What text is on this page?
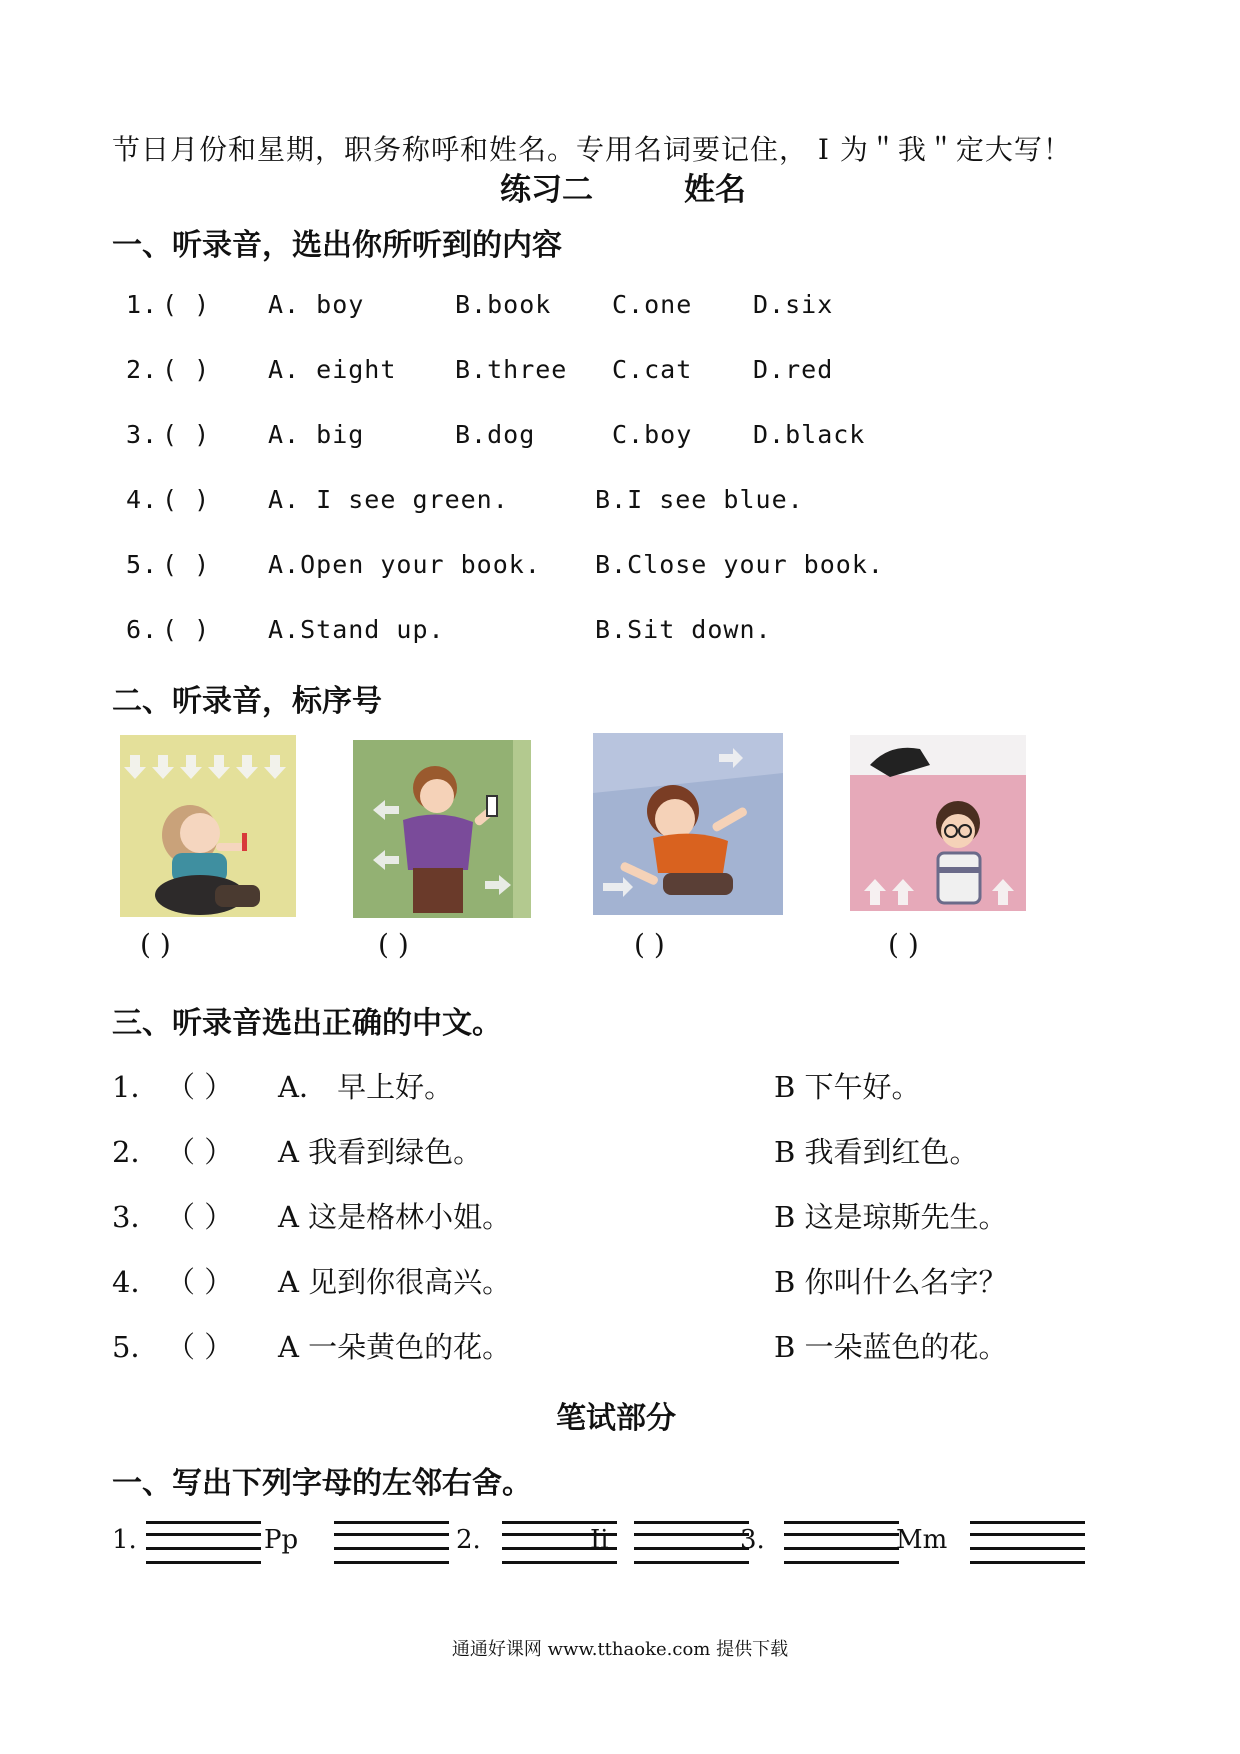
节日月份和星期，职务称呼和姓名。专用名词要记住， I 为＂我＂定大写！
练习二	姓名
一、听录音，选出你所听到的内容
1. ( ) A. boy	B.book C.one D.six
2. ( ) A. eight B.three C.cat D.red
3. ( ) A. big	B.dog	C.boy D.black
4. ( ) A. I see green.	B.I see blue.
5. ( ) A.Open your book. B.Close your book.
6. ( ) A.Stand up.	B.Sit down.
二、听录音，标序号
( )	( )	( )	( )
三、听录音选出正确的中文。
1． （ ） A． 早上好。	B 下午好。
2． （ ） A 我看到绿色。	B 我看到红色。
3． （ ） A 这是格林小姐。	B 这是琼斯先生。
4． （ ） A 见到你很高兴。	B 你叫什么名字？
5． （ ） A 一朵黄色的花。	B 一朵蓝色的花。
笔试部分
一、写出下列字母的左邻右舍。
1.	Pp	2.	Ii	3.	Mm
通通好课网 www.tthaoke.com 提供下载
